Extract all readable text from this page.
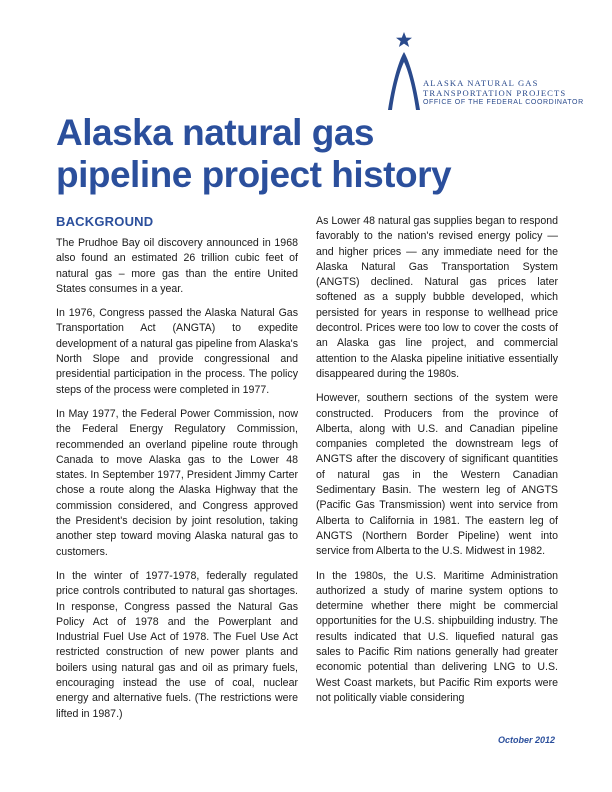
ALASKA NATURAL GAS
TRANSPORTATION PROJECTS
OFFICE OF THE FEDERAL COORDINATOR
Alaska natural gas
pipeline project history
BACKGROUND

The Prudhoe Bay oil discovery announced in 1968 also found an estimated 26 trillion cubic feet of natural gas – more gas than the entire United States consumes in a year.

In 1976, Congress passed the Alaska Natural Gas Transportation Act (ANGTA) to expedite development of a natural gas pipeline from Alaska's North Slope and provide congressional and presidential participation in the process. The policy steps of the process were completed in 1977.

In May 1977, the Federal Power Commission, now the Federal Energy Regulatory Commission, recommended an overland pipeline route through Canada to move Alaska gas to the Lower 48 states. In September 1977, President Jimmy Carter chose a route along the Alaska Highway that the commission considered, and Congress approved the President's decision by joint resolution, taking another step toward moving Alaska natural gas to customers.

In the winter of 1977-1978, federally regulated price controls contributed to natural gas shortages. In response, Congress passed the Natural Gas Policy Act of 1978 and the Powerplant and Industrial Fuel Use Act of 1978. The Fuel Use Act restricted construction of new power plants and boilers using natural gas and oil as primary fuels, encouraging instead the use of coal, nuclear energy and alternative fuels. (The restrictions were lifted in 1987.)

As Lower 48 natural gas supplies began to respond favorably to the nation's revised energy policy — and higher prices — any immediate need for the Alaska Natural Gas Transportation System (ANGTS) declined. Natural gas prices later softened as a supply bubble developed, which persisted for years in response to wellhead price decontrol. Prices were too low to cover the costs of an Alaska gas line project, and commercial attention to the Alaska pipeline initiative essentially disappeared during the 1980s.

However, southern sections of the system were constructed. Producers from the province of Alberta, along with U.S. and Canadian pipeline companies completed the downstream legs of ANGTS after the discovery of significant quantities of natural gas in the Western Canadian Sedimentary Basin. The western leg of ANGTS (Pacific Gas Transmission) went into service from Alberta to California in 1981. The eastern leg of ANGTS (Northern Border Pipeline) went into service from Alberta to the U.S. Midwest in 1982.

In the 1980s, the U.S. Maritime Administration authorized a study of marine system options to determine whether there might be commercial opportunities for the U.S. shipbuilding industry. The results indicated that U.S. liquefied natural gas sales to Pacific Rim nations generally had greater economic potential than delivering LNG to U.S. West Coast markets, but Pacific Rim exports were not politically viable considering

October 2012
